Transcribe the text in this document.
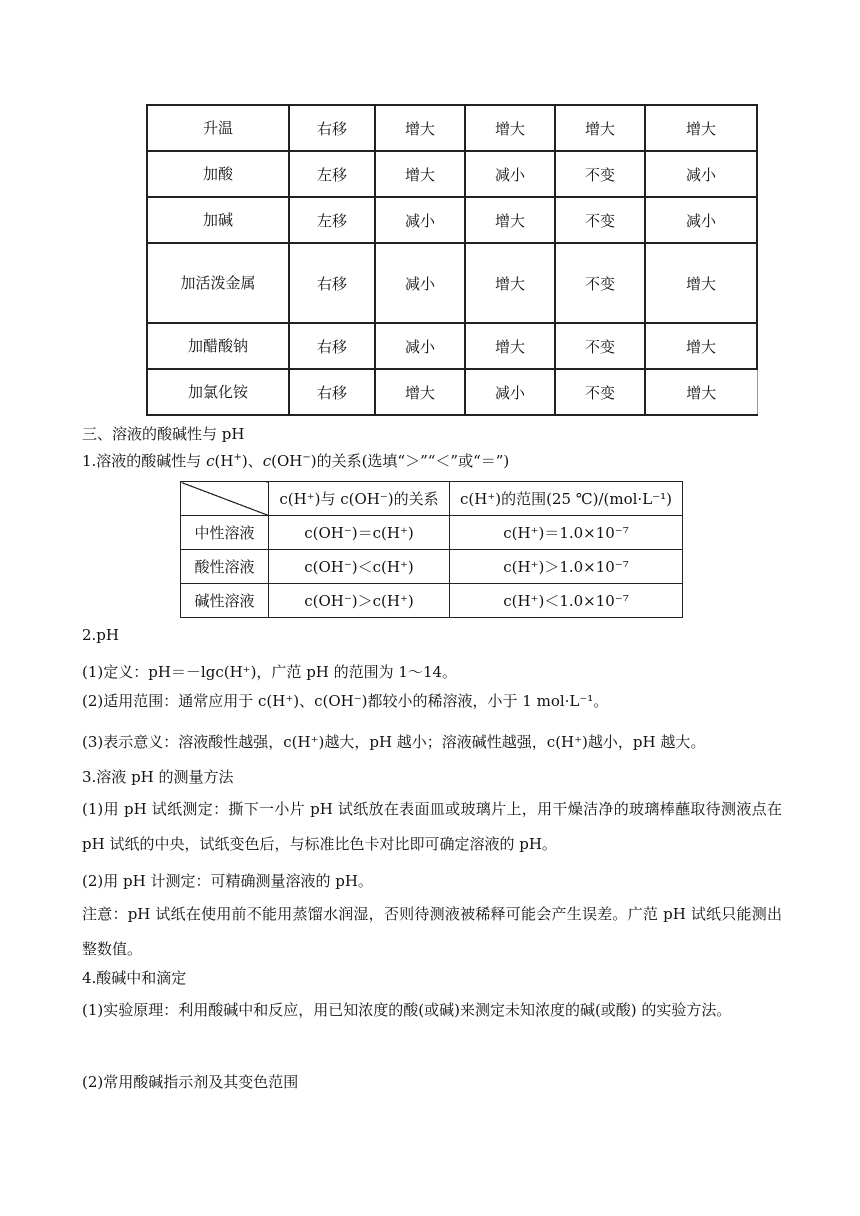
升温	右移	增大	增大	增大	增大
加酸	左移	增大	减小	不变	减小
加碱	左移	减小	增大	不变	减小
加活泼金属	右移	减小	增大	不变	增大
加醋酸钠	右移	减小	增大	不变	增大
加氯化铵	右移	增大	减小	不变	增大
三、溶液的酸碱性与 pH
1.溶液的酸碱性与 c(H+)、c(OH−)的关系(选填“＞”“＜”或“＝”)
	c(H⁺)与 c(OH⁻)的关系	c(H⁺)的范围(25 ℃)/(mol·L⁻¹)
中性溶液	c(OH⁻)＝c(H⁺)	c(H⁺)＝1.0×10⁻⁷
酸性溶液	c(OH⁻)＜c(H⁺)	c(H⁺)＞1.0×10⁻⁷
碱性溶液	c(OH⁻)＞c(H⁺)	c(H⁺)＜1.0×10⁻⁷
2.pH
(1)定义：pH＝－lgc(H⁺)，广范 pH 的范围为 1～14。
(2)适用范围：通常应用于 c(H⁺)、c(OH⁻)都较小的稀溶液，小于 1 mol·L⁻¹。
(3)表示意义：溶液酸性越强，c(H⁺)越大，pH 越小；溶液碱性越强，c(H⁺)越小，pH 越大。
3.溶液 pH 的测量方法
(1)用 pH 试纸测定：撕下一小片 pH 试纸放在表面皿或玻璃片上，用干燥洁净的玻璃棒蘸取待测液点在 pH 试纸的中央，试纸变色后，与标准比色卡对比即可确定溶液的 pH。
(2)用 pH 计测定：可精确测量溶液的 pH。
注意：pH 试纸在使用前不能用蒸馏水润湿，否则待测液被稀释可能会产生误差。广范 pH 试纸只能测出整数值。
4.酸碱中和滴定
(1)实验原理：利用酸碱中和反应，用已知浓度的酸(或碱)来测定未知浓度的碱(或酸) 的实验方法。
(2)常用酸碱指示剂及其变色范围
